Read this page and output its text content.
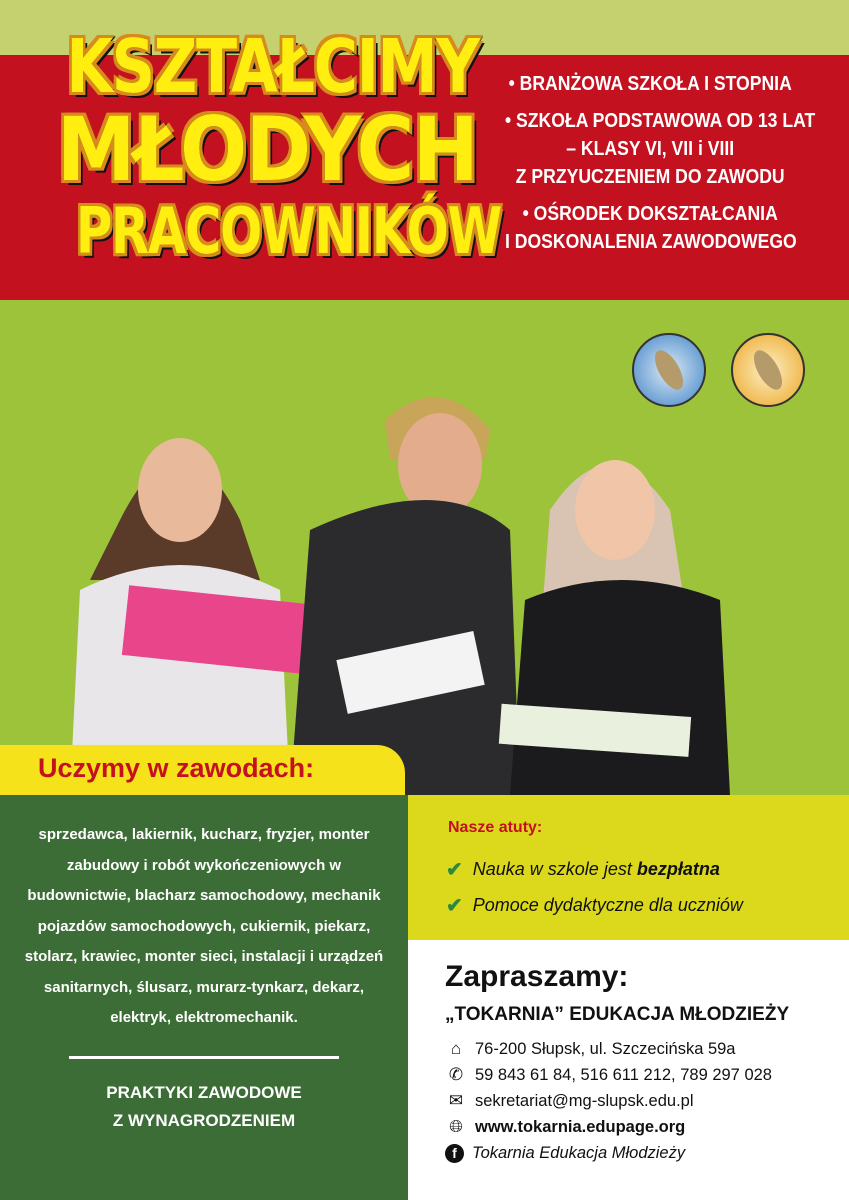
KSZTAŁCIMY
MŁODYCH
PRACOWNIKÓW

• BRANŻOWA SZKOŁA I STOPNIA

• SZKOŁA PODSTAWOWA OD 13 LAT

– KLASY VI, VII i VIII

Z PRZYUCZENIEM DO ZAWODU

• OŚRODEK DOKSZTAŁCANIA

I DOSKONALENIA ZAWODOWEGO

Uczymy w zawodach:

sprzedawca, lakiernik, kucharz, fryzjer, monter zabudowy i robót wykończeniowych w budownictwie, blacharz samochodowy, mechanik pojazdów samochodowych, cukiernik, piekarz, stolarz, krawiec, monter sieci, instalacji i urządzeń sanitarnych, ślusarz, murarz-tynkarz, dekarz, elektryk, elektromechanik.

PRAKTYKI ZAWODOWE

Z WYNAGRODZENIEM

Nasze atuty:
✔ Nauka w szkole jest bezpłatna
✔ Pomoce dydaktyczne dla uczniów
Zapraszamy:
„TOKARNIA” EDUKACJA MŁODZIEŻY
⌂ 76-200 Słupsk, ul. Szczecińska 59a
✆ 59 843 61 84, 516 611 212, 789 297 028
✉ sekretariat@mg-slupsk.edu.pl
🌐︎ www.tokarnia.edupage.org
f Tokarnia Edukacja Młodzieży
